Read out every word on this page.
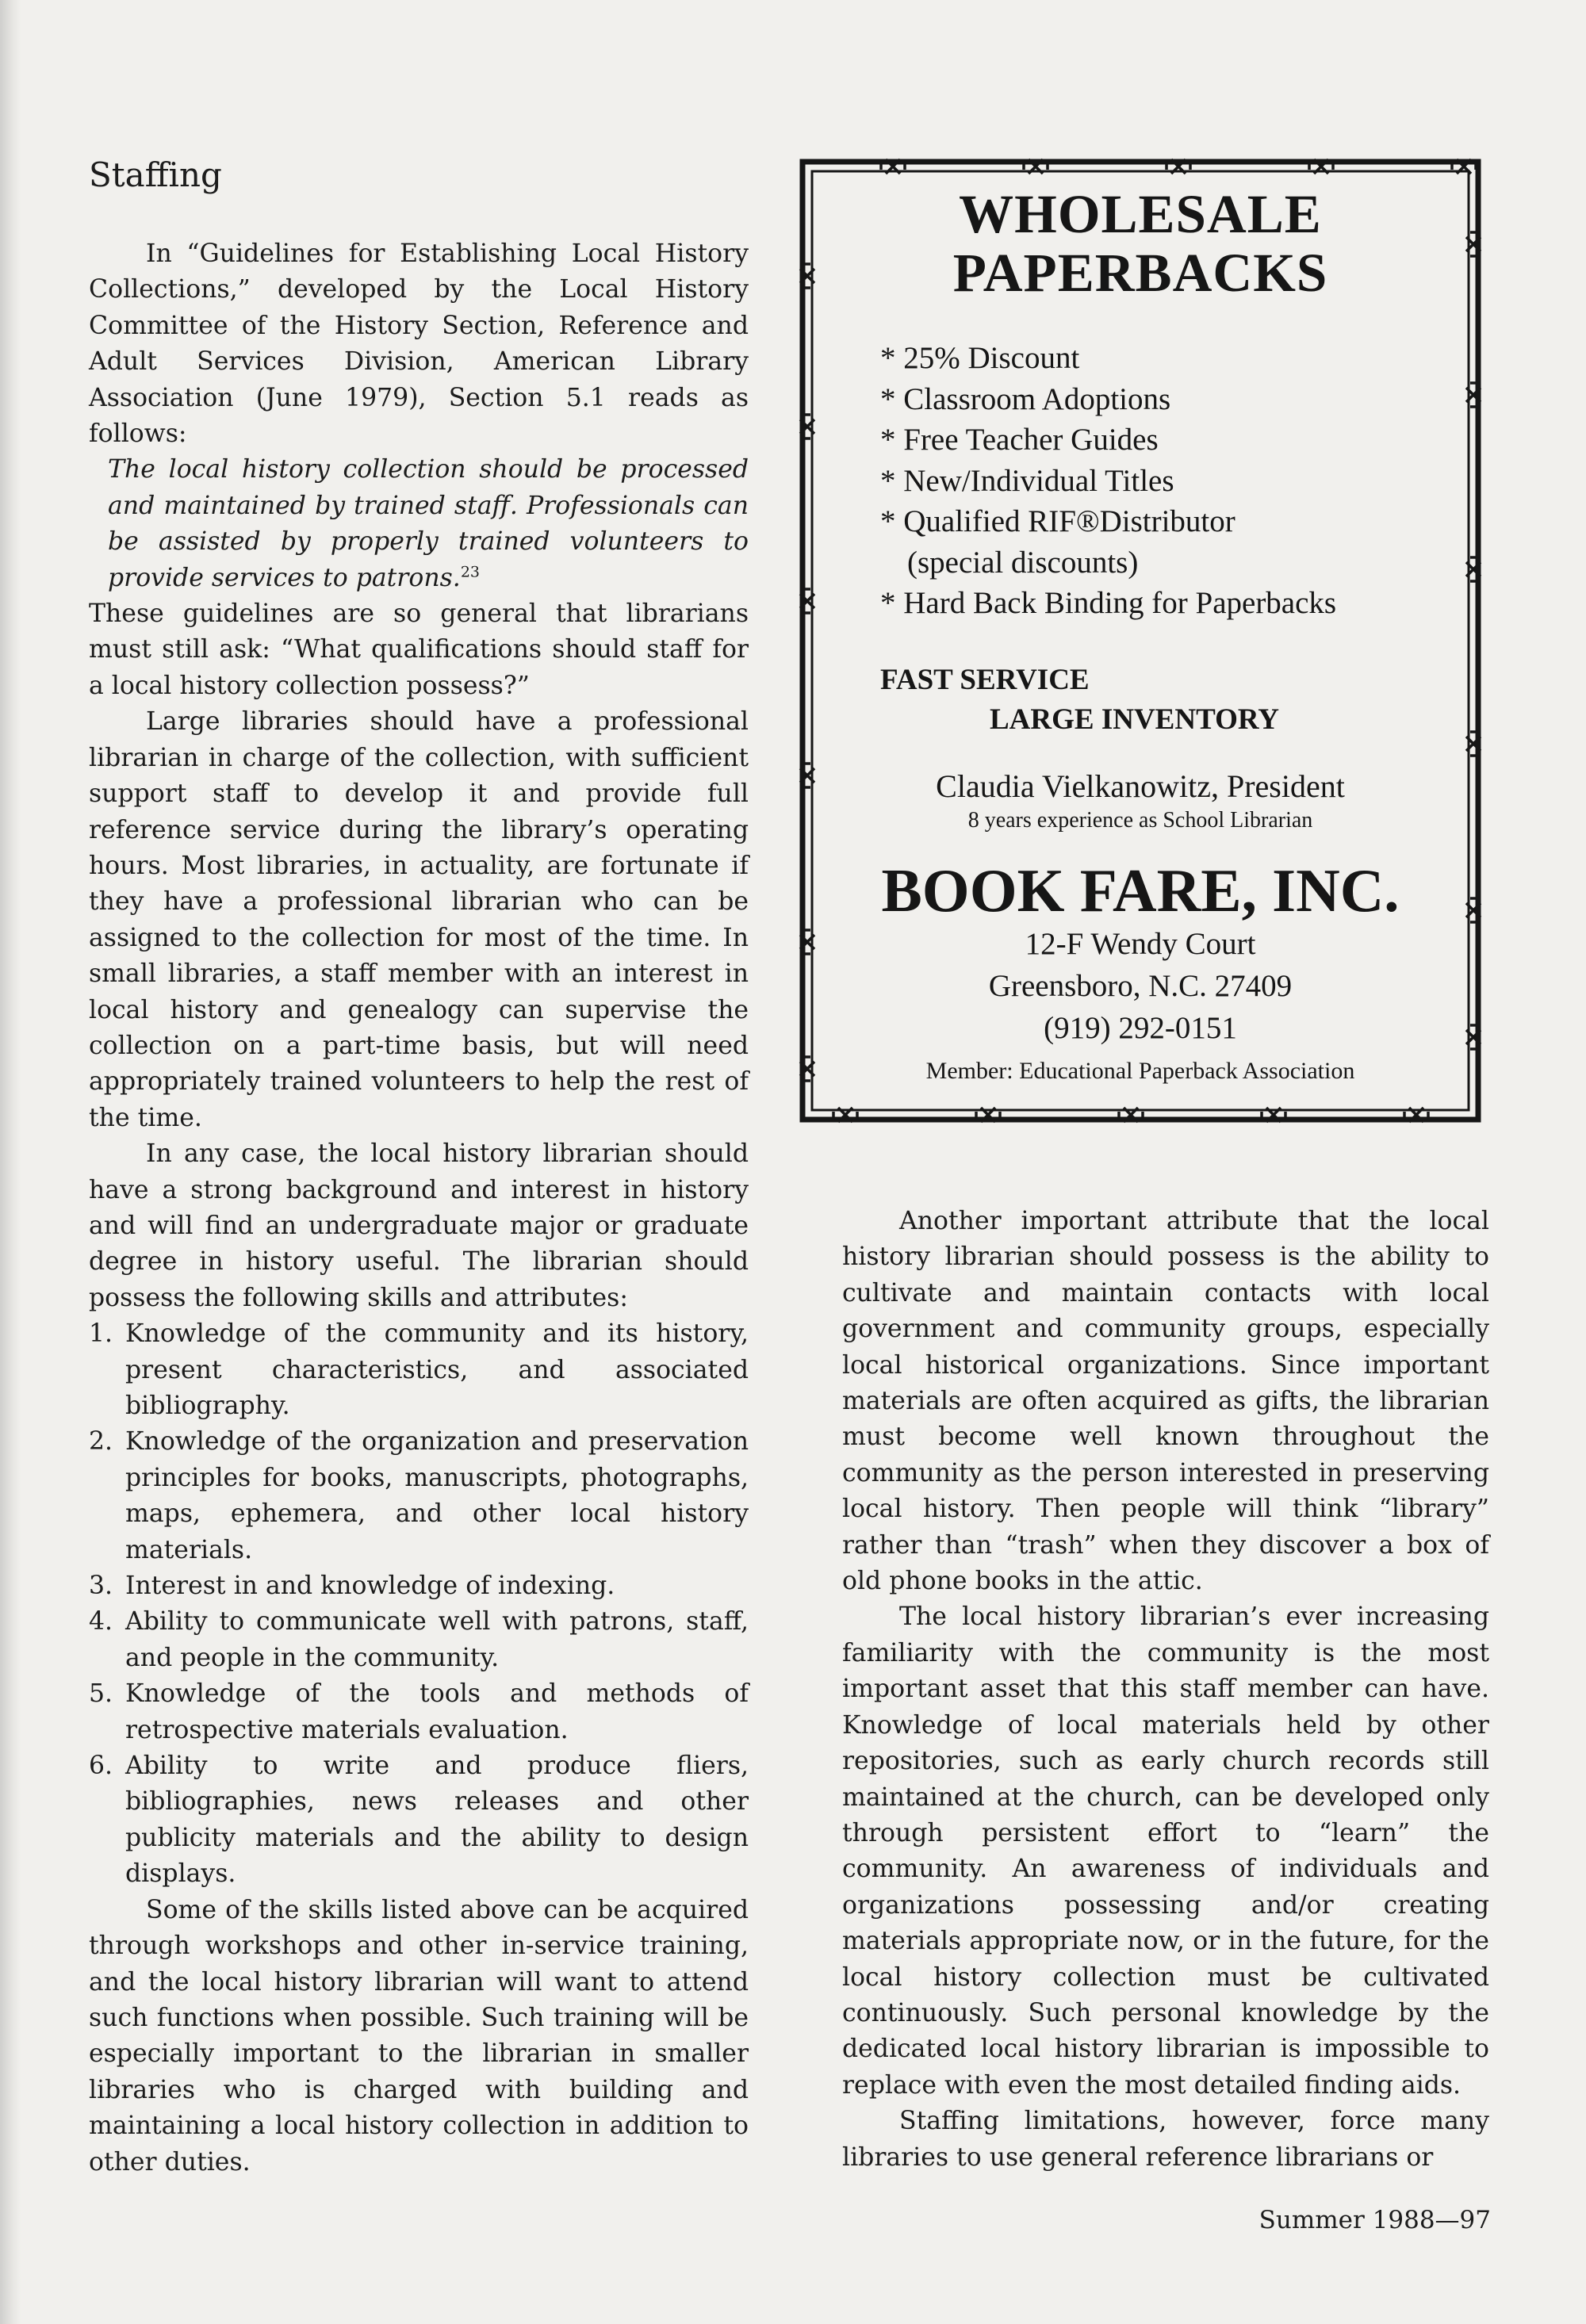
Staffing

In “Guidelines for Establishing Local History Collections,” developed by the Local History Committee of the History Section, Reference and Adult Services Division, American Library Association (June 1979), Section 5.1 reads as follows:

The local history collection should be processed and maintained by trained staff. Professionals can be assisted by properly trained volunteers to provide services to patrons.$^{23}$

These guidelines are so general that librarians must still ask: “What qualifications should staff for a local history collection possess?”

Large libraries should have a professional librarian in charge of the collection, with sufficient support staff to develop it and provide full reference service during the library’s operating hours. Most libraries, in actuality, are fortunate if they have a professional librarian who can be assigned to the collection for most of the time. In small libraries, a staff member with an interest in local history and genealogy can supervise the collection on a part-time basis, but will need appropriately trained volunteers to help the rest of the time.

In any case, the local history librarian should have a strong background and interest in history and will find an undergraduate major or graduate degree in history useful. The librarian should possess the following skills and attributes:

1. Knowledge of the community and its history, present characteristics, and associated bibliography.
2. Knowledge of the organization and preservation principles for books, manuscripts, photographs, maps, ephemera, and other local history materials.
3. Interest in and knowledge of indexing.
4. Ability to communicate well with patrons, staff, and people in the community.
5. Knowledge of the tools and methods of retrospective materials evaluation.
6. Ability to write and produce fliers, bibliographies, news releases and other publicity materials and the ability to design displays.

Some of the skills listed above can be acquired through workshops and other in-service training, and the local history librarian will want to attend such functions when possible. Such training will be especially important to the librarian in smaller libraries who is charged with building and maintaining a local history collection in addition to other duties.

WHOLESALE
PAPERBACKS
* 25% Discount
* Classroom Adoptions
* Free Teacher Guides
* New/Individual Titles
* Qualified RIF®Distributor
(special discounts)
* Hard Back Binding for Paperbacks
FAST SERVICE
LARGE INVENTORY
Claudia Vielkanowitz, President
8 years experience as School Librarian
BOOK FARE, INC.
12-F Wendy Court
Greensboro, N.C. 27409
(919) 292-0151
Member: Educational Paperback Association

Another important attribute that the local history librarian should possess is the ability to cultivate and maintain contacts with local government and community groups, especially local historical organizations. Since important materials are often acquired as gifts, the librarian must become well known throughout the community as the person interested in preserving local history. Then people will think “library” rather than “trash” when they discover a box of old phone books in the attic.

The local history librarian’s ever increasing familiarity with the community is the most important asset that this staff member can have. Knowledge of local materials held by other repositories, such as early church records still maintained at the church, can be developed only through persistent effort to “learn” the community. An awareness of individuals and organizations possessing and/or creating materials appropriate now, or in the future, for the local history collection must be cultivated continuously. Such personal knowledge by the dedicated local history librarian is impossible to replace with even the most detailed finding aids.

Staffing limitations, however, force many libraries to use general reference librarians or

Summer 1988—97
